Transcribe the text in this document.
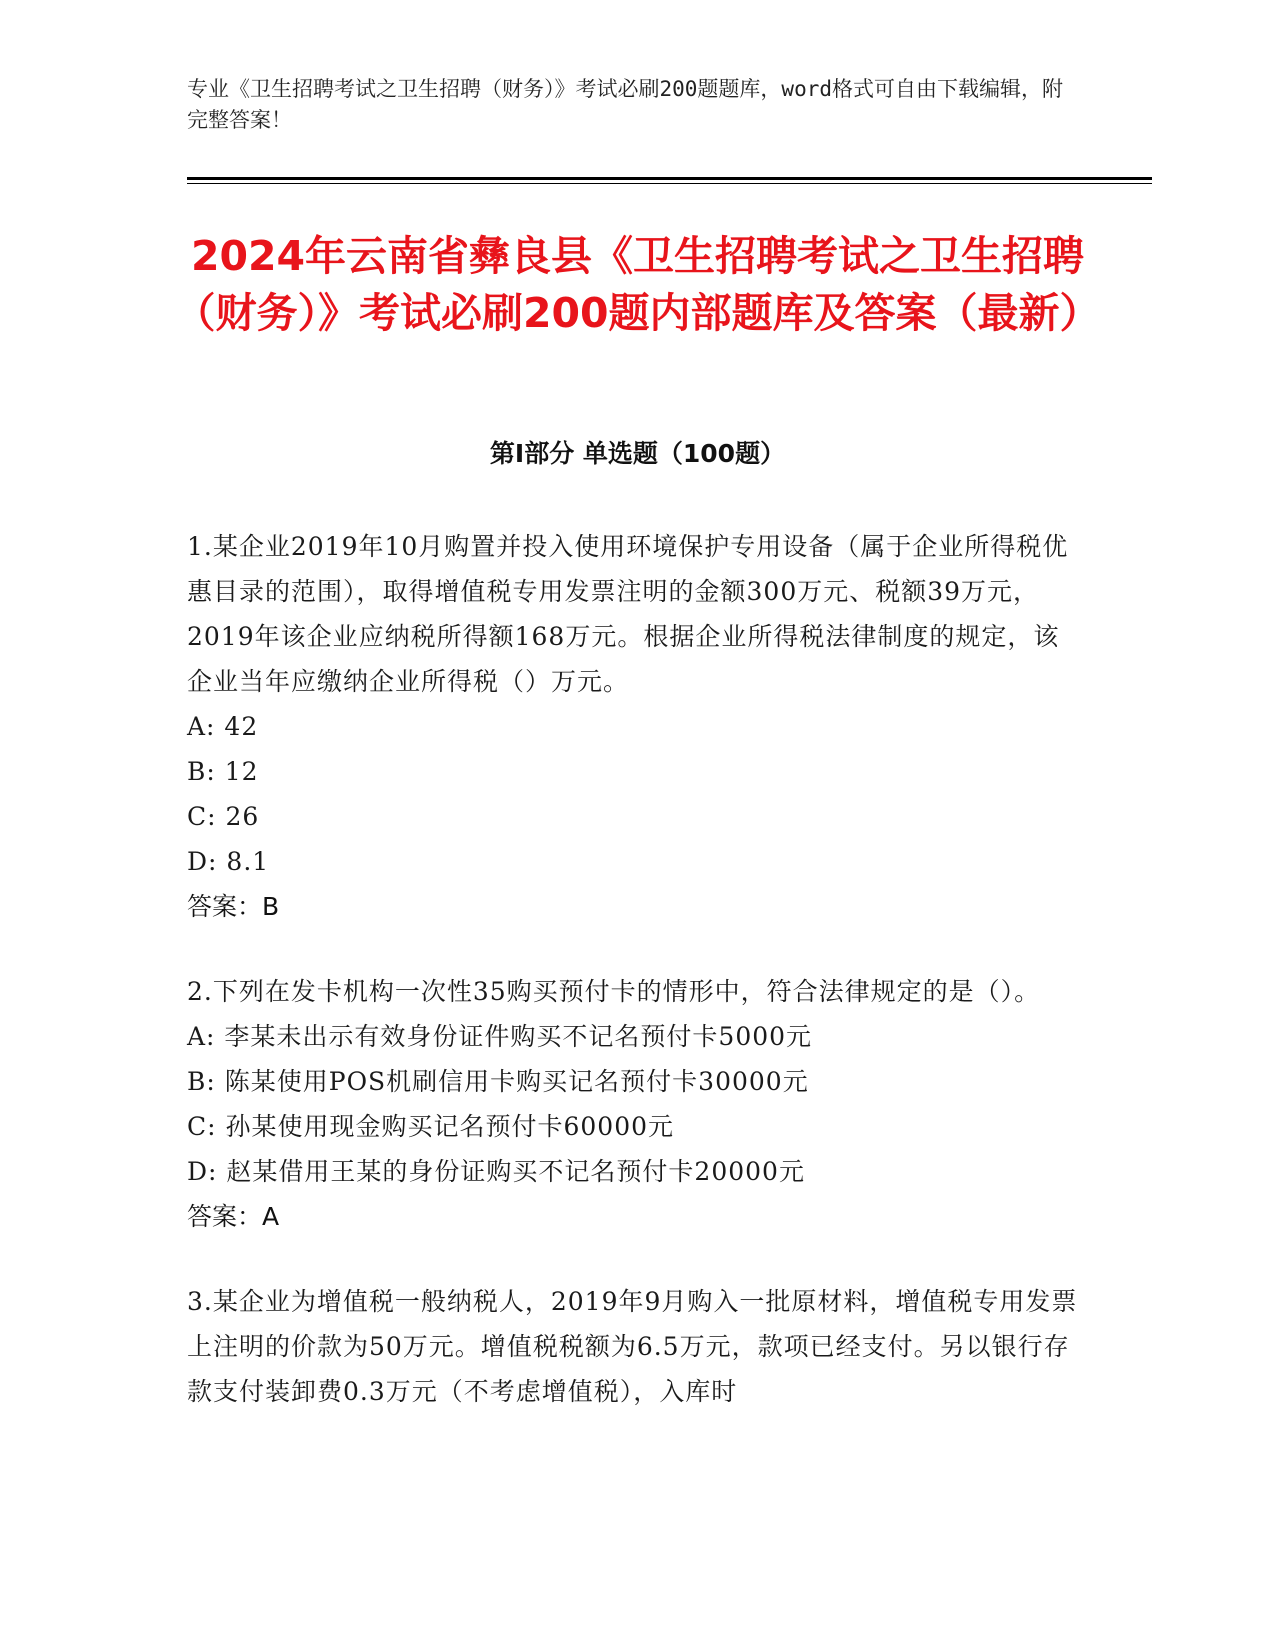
专业《卫生招聘考试之卫生招聘（财务）》考试必刷200题题库，word格式可自由下载编辑，附完整答案！
2024年云南省彝良县《卫生招聘考试之卫生招聘（财务）》考试必刷200题内部题库及答案（最新）
第Ⅰ部分 单选题（100题）

1.某企业2019年10月购置并投入使用环境保护专用设备（属于企业所得税优惠目录的范围），取得增值税专用发票注明的金额300万元、税额39万元，2019年该企业应纳税所得额168万元。根据企业所得税法律制度的规定，该企业当年应缴纳企业所得税（）万元。

A: 42

B: 12

C: 26

D: 8.1

答案：B

2.下列在发卡机构一次性35购买预付卡的情形中，符合法律规定的是（）。

A: 李某未出示有效身份证件购买不记名预付卡5000元

B: 陈某使用POS机刷信用卡购买记名预付卡30000元

C: 孙某使用现金购买记名预付卡60000元

D: 赵某借用王某的身份证购买不记名预付卡20000元

答案：A

3.某企业为增值税一般纳税人，2019年9月购入一批原材料，增值税专用发票上注明的价款为50万元。增值税税额为6.5万元，款项已经支付。另以银行存款支付装卸费0.3万元（不考虑增值税），入库时
